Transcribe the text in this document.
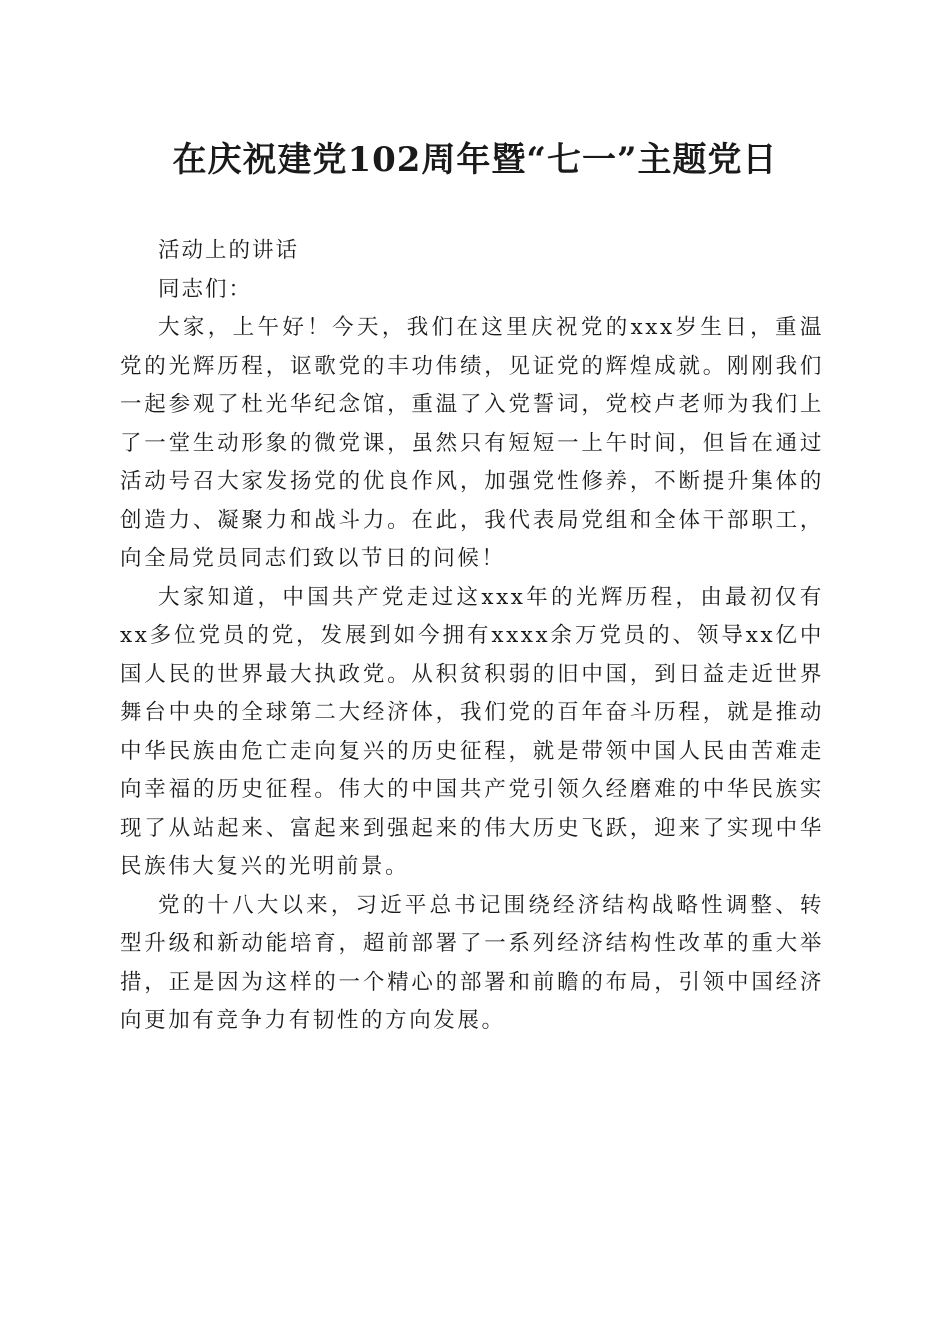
在庆祝建党102周年暨“七一”主题党日

活动上的讲话

同志们：

大家，上午好！今天，我们在这里庆祝党的xxx岁生日，重温党的光辉历程，讴歌党的丰功伟绩，见证党的辉煌成就。刚刚我们一起参观了杜光华纪念馆，重温了入党誓词，党校卢老师为我们上了一堂生动形象的微党课，虽然只有短短一上午时间，但旨在通过活动号召大家发扬党的优良作风，加强党性修养，不断提升集体的创造力、凝聚力和战斗力。在此，我代表局党组和全体干部职工，向全局党员同志们致以节日的问候！

大家知道，中国共产党走过这xxx年的光辉历程，由最初仅有xx多位党员的党，发展到如今拥有xxxx余万党员的、领导xx亿中国人民的世界最大执政党。从积贫积弱的旧中国，到日益走近世界舞台中央的全球第二大经济体，我们党的百年奋斗历程，就是推动中华民族由危亡走向复兴的历史征程，就是带领中国人民由苦难走向幸福的历史征程。伟大的中国共产党引领久经磨难的中华民族实现了从站起来、富起来到强起来的伟大历史飞跃，迎来了实现中华民族伟大复兴的光明前景。

党的十八大以来，习近平总书记围绕经济结构战略性调整、转型升级和新动能培育，超前部署了一系列经济结构性改革的重大举措，正是因为这样的一个精心的部署和前瞻的布局，引领中国经济向更加有竞争力有韧性的方向发展。
